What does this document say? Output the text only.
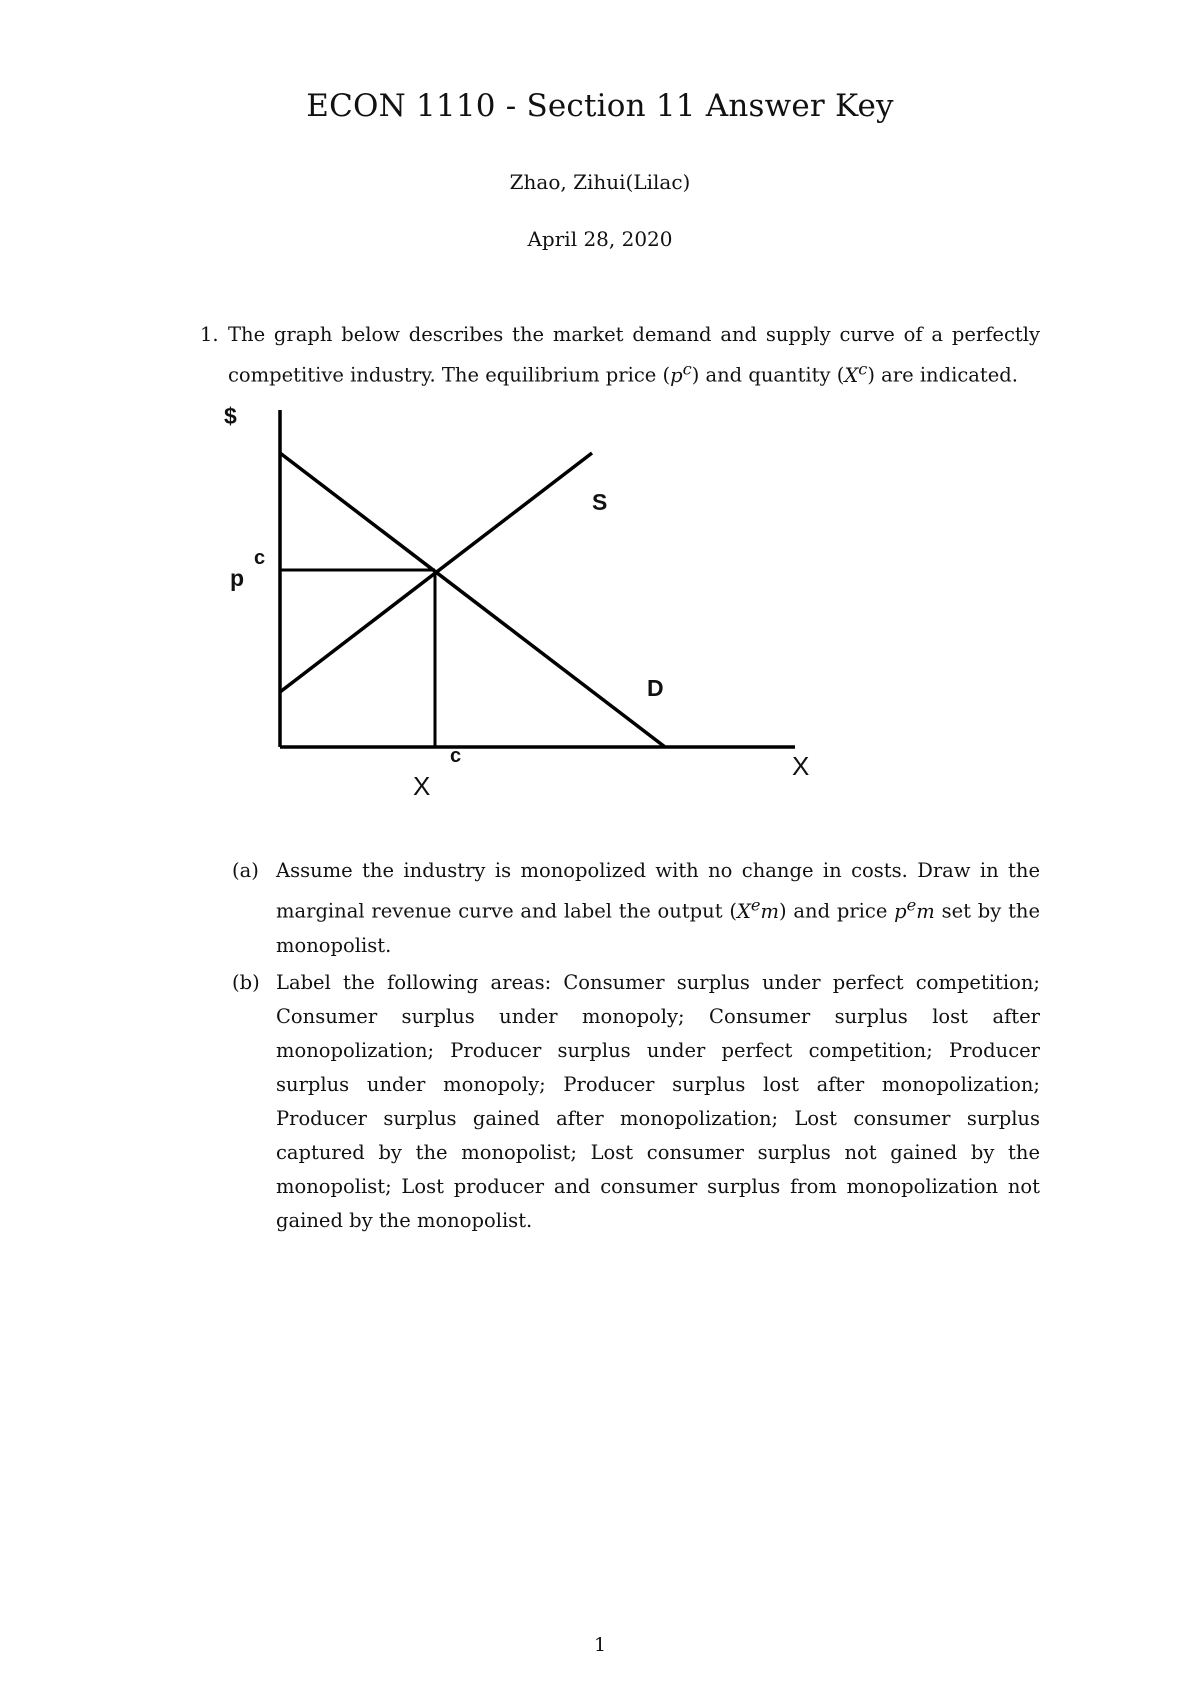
ECON 1110 - Section 11 Answer Key
Zhao, Zihui(Lilac)
April 28, 2020
1. The graph below describes the market demand and supply curve of a perfectly competitive industry. The equilibrium price $(p^c)$ and quantity $(X^c)$ are indicated.
$
X
S
D
p
c
X
c
(a) Assume the industry is monopolized with no change in costs. Draw in the marginal revenue curve and label the output (Xem) and price $p^em$ set by the monopolist.
(b) Label the following areas: Consumer surplus under perfect competition; Consumer surplus under monopoly; Consumer surplus lost after monopolization; Producer surplus under perfect competition; Producer surplus under monopoly; Producer surplus lost after monopolization; Producer surplus gained after monopolization; Lost consumer surplus captured by the monopolist; Lost consumer surplus not gained by the monopolist; Lost producer and consumer surplus from monopolization not gained by the monopolist.
1
